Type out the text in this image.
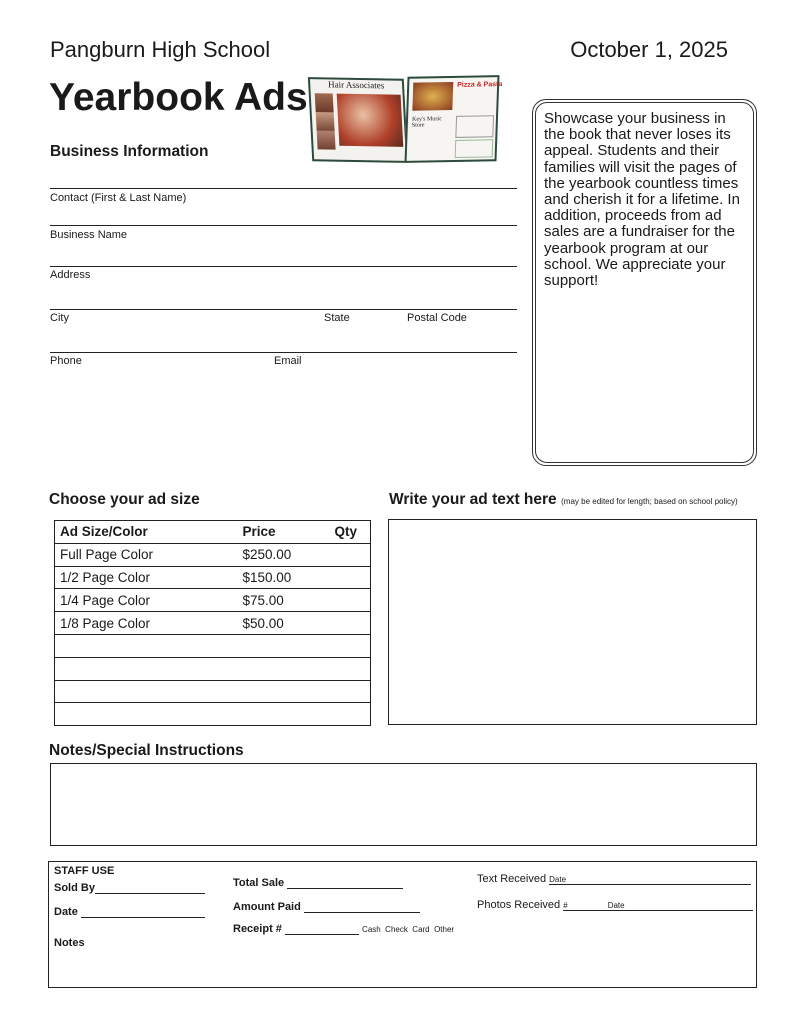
Pangburn High School	October 1, 2025
Yearbook Ads	Hair Associates	Pizza & Pasta
Key's Music Store
Business Information
Contact (First & Last Name)
Business Name
Address
City	State	Postal Code
Phone	Email
Showcase your business in the book that never loses its appeal. Students and their families will visit the pages of the yearbook countless times and cherish it for a lifetime. In addition, proceeds from ad sales are a fundraiser for the yearbook program at our school. We appreciate your support!
Choose your ad size	Write your ad text here (may be edited for length; based on school policy)
Ad Size/Color	Price	Qty
Full Page Color	$250.00	
1/2 Page Color	$150.00	
1/4 Page Color	$75.00	
1/8 Page Color	$50.00	

Notes/Special Instructions
STAFF USE
Sold By
Date
Notes
Total Sale
Amount Paid
Receipt #	Cash  Check  Card  Other
Text Received Date
Photos Received #	Date
